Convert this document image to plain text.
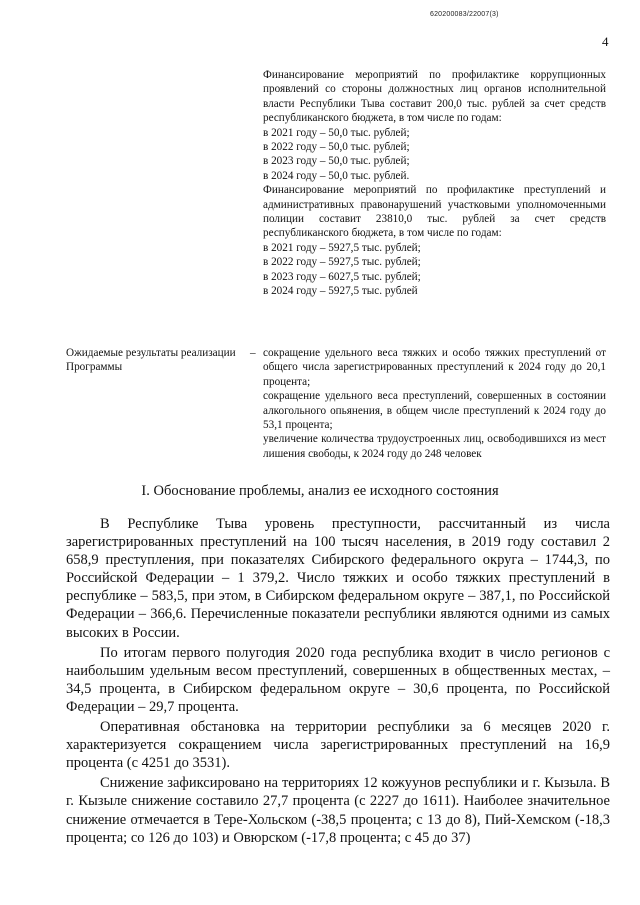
620200083/22007(3)
4

Финансирование мероприятий по профилактике коррупционных проявлений со стороны должностных лиц органов исполнительной власти Республики Тыва составит 200,0 тыс. рублей за счет средств республиканского бюджета, в том числе по годам:

в 2021 году – 50,0 тыс. рублей;

в 2022 году – 50,0 тыс. рублей;

в 2023 году – 50,0 тыс. рублей;

в 2024 году – 50,0 тыс. рублей.

Финансирование мероприятий по профилактике преступлений и административных правонарушений участковыми уполномоченными полиции составит 23810,0 тыс. рублей за счет средств республиканского бюджета, в том числе по годам:

в 2021 году – 5927,5 тыс. рублей;

в 2022 году – 5927,5 тыс. рублей;

в 2023 году – 6027,5 тыс. рублей;

в 2024 году – 5927,5 тыс. рублей

Ожидаемые результаты реализации Программы
– сокращение удельного веса тяжких и особо тяжких преступлений от общего числа зарегистрированных преступлений к 2024 году до 20,1 процента;

сокращение удельного веса преступлений, совершенных в состоянии алкогольного опьянения, в общем числе преступлений к 2024 году до 53,1 процента;

увеличение количества трудоустроенных лиц, освободившихся из мест лишения свободы, к 2024 году до 248 человек

I. Обоснование проблемы, анализ ее исходного состояния

В Республике Тыва уровень преступности, рассчитанный из числа зарегистрированных преступлений на 100 тысяч населения, в 2019 году составил 2 658,9 преступления, при показателях Сибирского федерального округа – 1744,3, по Российской Федерации – 1 379,2. Число тяжких и особо тяжких преступлений в республике – 583,5, при этом, в Сибирском федеральном округе – 387,1, по Российской Федерации – 366,6. Перечисленные показатели республики являются одними из самых высоких в России.

По итогам первого полугодия 2020 года республика входит в число регионов с наибольшим удельным весом преступлений, совершенных в общественных местах, – 34,5 процента, в Сибирском федеральном округе – 30,6 процента, по Российской Федерации – 29,7 процента.

Оперативная обстановка на территории республики за 6 месяцев 2020 г. характеризуется сокращением числа зарегистрированных преступлений на 16,9 процента (с 4251 до 3531).

Снижение зафиксировано на территориях 12 кожуунов республики и г. Кызыла. В г. Кызыле снижение составило 27,7 процента (с 2227 до 1611). Наиболее значительное снижение отмечается в Тере-Хольском (-38,5 процента; с 13 до 8), Пий-Хемском (-18,3 процента; со 126 до 103) и Овюрском (-17,8 процента; с 45 до 37)
